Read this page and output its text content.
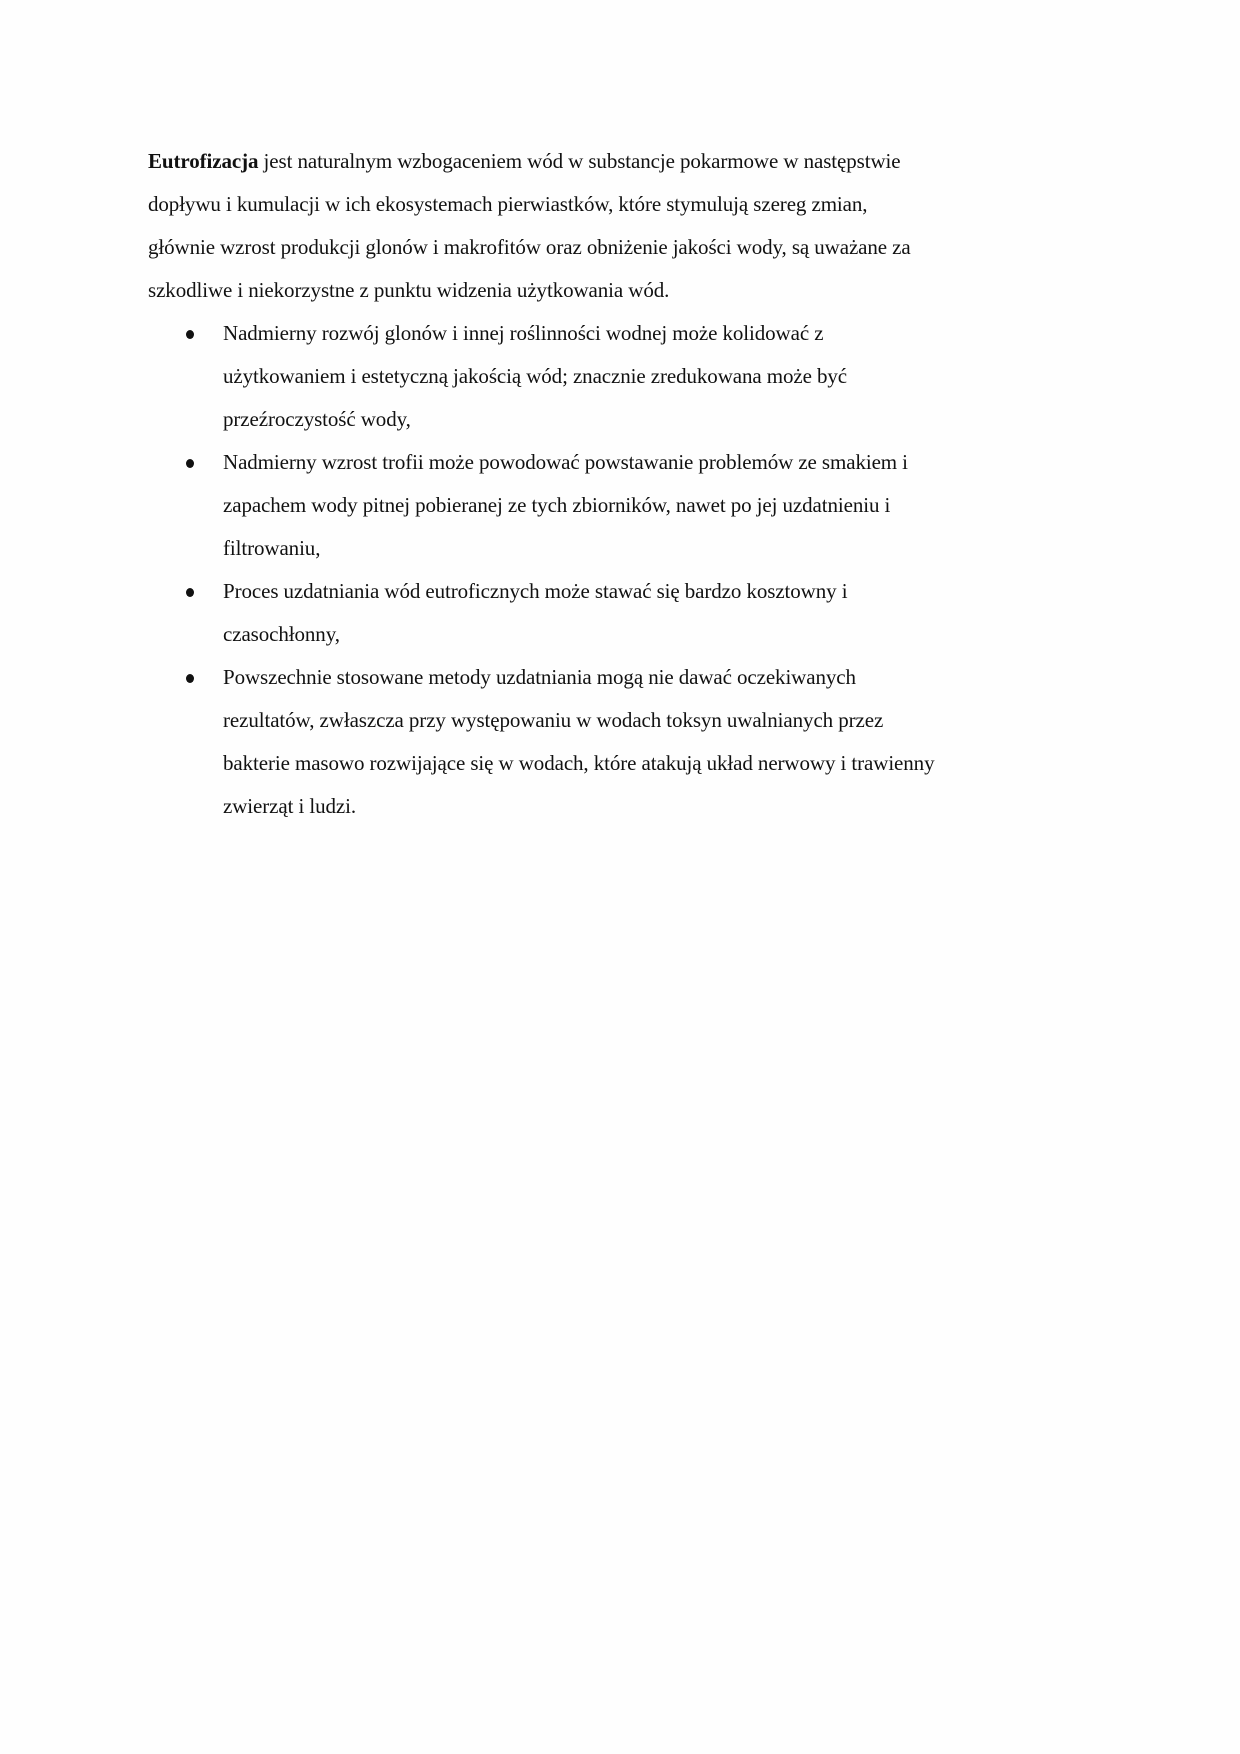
Eutrofizacja jest naturalnym wzbogaceniem wód w substancje pokarmowe w następstwie
dopływu i kumulacji w ich ekosystemach pierwiastków, które stymulują szereg zmian,
głównie wzrost produkcji glonów i makrofitów oraz obniżenie jakości wody, są uważane za
szkodliwe i niekorzystne z punktu widzenia użytkowania wód.

Nadmierny rozwój glonów i innej roślinności wodnej może kolidować z
użytkowaniem i estetyczną jakością wód; znacznie zredukowana może być
przeźroczystość wody,
Nadmierny wzrost trofii może powodować powstawanie problemów ze smakiem i
zapachem wody pitnej pobieranej ze tych zbiorników, nawet po jej uzdatnieniu i
filtrowaniu,
Proces uzdatniania wód eutroficznych może stawać się bardzo kosztowny i
czasochłonny,
Powszechnie stosowane metody uzdatniania mogą nie dawać oczekiwanych
rezultatów, zwłaszcza przy występowaniu w wodach toksyn uwalnianych przez
bakterie masowo rozwijające się w wodach, które atakują układ nerwowy i trawienny
zwierząt i ludzi.
